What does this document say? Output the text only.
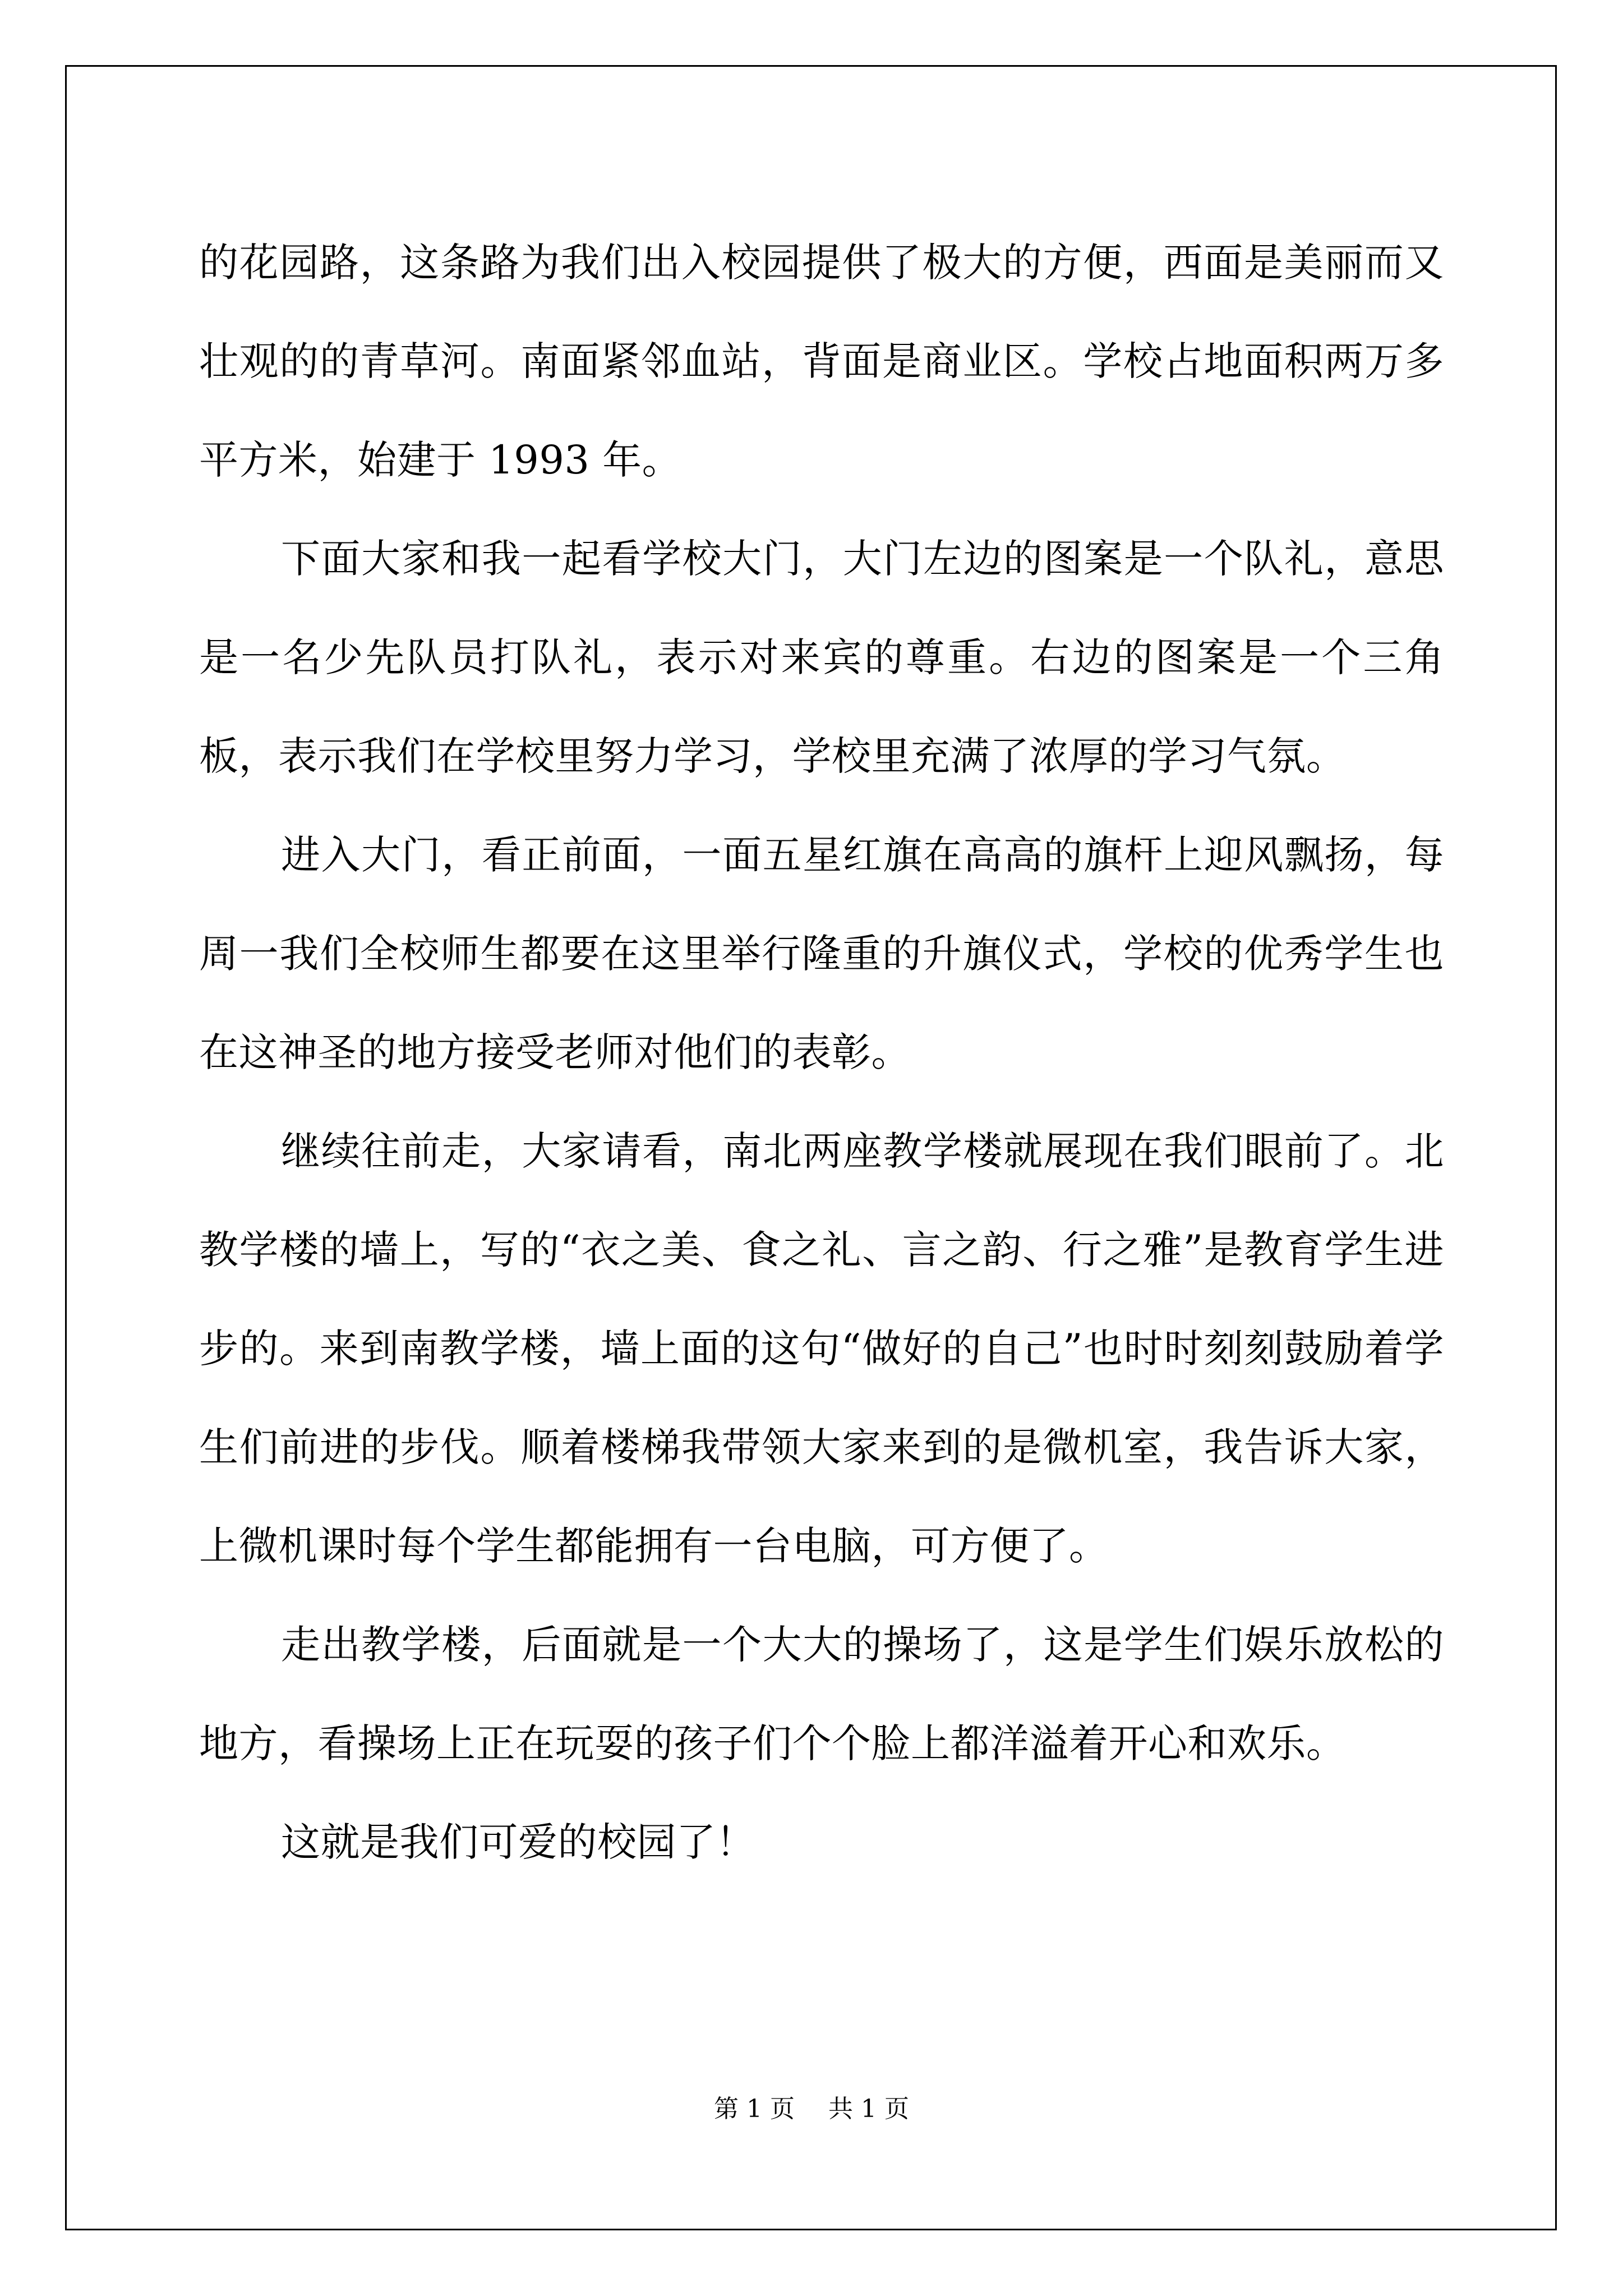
的花园路，这条路为我们出入校园提供了极大的方便，西面是美丽而又壮观的的青草河。南面紧邻血站，背面是商业区。学校占地面积两万多平方米，始建于 1993 年。

下面大家和我一起看学校大门，大门左边的图案是一个队礼，意思是一名少先队员打队礼，表示对来宾的尊重。右边的图案是一个三角板，表示我们在学校里努力学习，学校里充满了浓厚的学习气氛。

进入大门，看正前面，一面五星红旗在高高的旗杆上迎风飘扬，每周一我们全校师生都要在这里举行隆重的升旗仪式，学校的优秀学生也在这神圣的地方接受老师对他们的表彰。

继续往前走，大家请看，南北两座教学楼就展现在我们眼前了。北教学楼的墙上，写的“衣之美、食之礼、言之韵、行之雅”是教育学生进步的。来到南教学楼，墙上面的这句“做好的自己”也时时刻刻鼓励着学生们前进的步伐。顺着楼梯我带领大家来到的是微机室，我告诉大家，上微机课时每个学生都能拥有一台电脑，可方便了。

走出教学楼，后面就是一个大大的操场了，这是学生们娱乐放松的地方，看操场上正在玩耍的孩子们个个脸上都洋溢着开心和欢乐。

这就是我们可爱的校园了！

第 1 页 共 1 页
